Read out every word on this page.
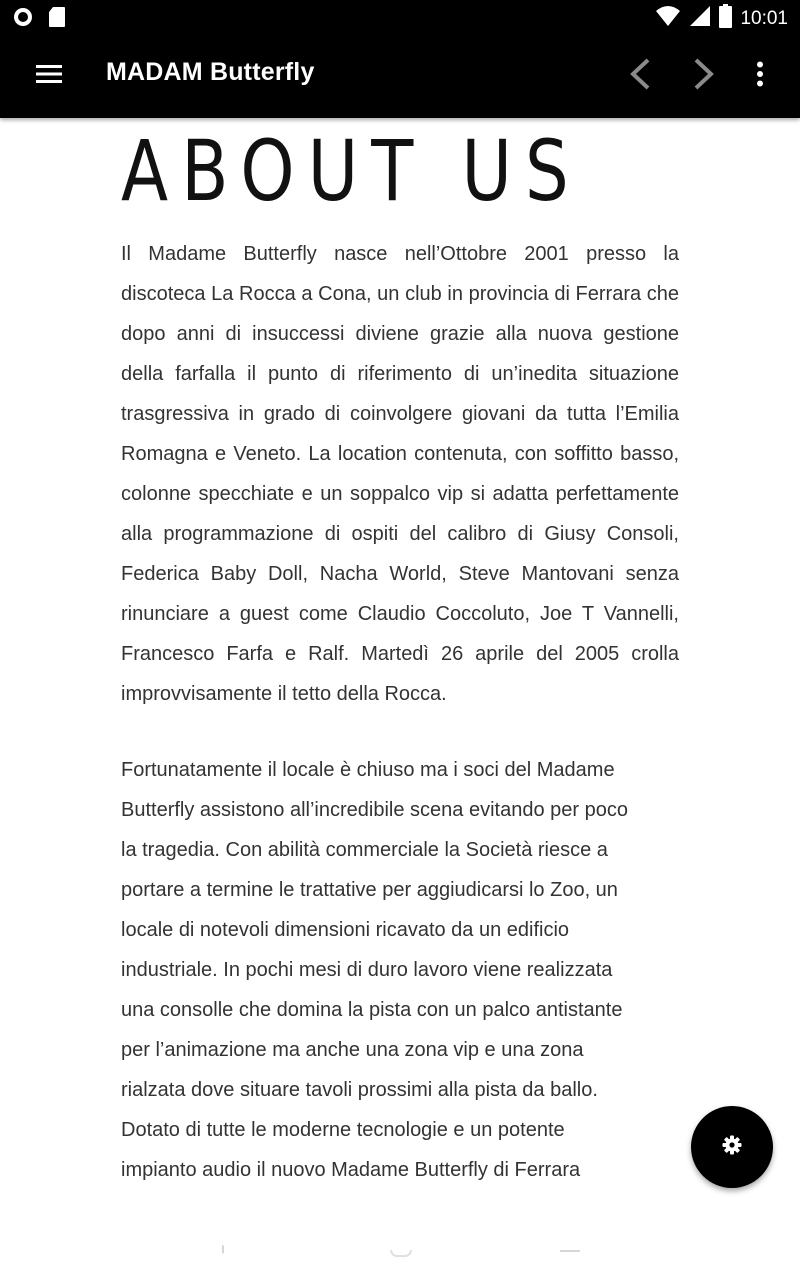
10:01
MADAM Butterfly
ABOUT US

Il Madame Butterfly nasce nell’Ottobre 2001 presso la discoteca La Rocca a Cona, un club in provincia di Ferrara che dopo anni di insuccessi diviene grazie alla nuova gestione della farfalla il punto di riferimento di un’inedita situazione trasgressiva in grado di coinvolgere giovani da tutta l’Emilia Romagna e Veneto. La location contenuta, con soffitto basso, colonne specchiate e un soppalco vip si adatta perfettamente alla programmazione di ospiti del calibro di Giusy Consoli, Federica Baby Doll, Nacha World, Steve Mantovani senza rinunciare a guest come Claudio Coccoluto, Joe T Vannelli, Francesco Farfa e Ralf. Martedì 26 aprile del 2005 crolla improvvisamente il tetto della Rocca.

Fortunatamente il locale è chiuso ma i soci del Madame
Butterfly assistono all’incredibile scena evitando per poco
la tragedia. Con abilità commerciale la Società riesce a
portare a termine le trattative per aggiudicarsi lo Zoo, un
locale di notevoli dimensioni ricavato da un edificio
industriale. In pochi mesi di duro lavoro viene realizzata
una consolle che domina la pista con un palco antistante
per l’animazione ma anche una zona vip e una zona
rialzata dove situare tavoli prossimi alla pista da ballo.
Dotato di tutte le moderne tecnologie e un potente
impianto audio il nuovo Madame Butterfly di Ferrara
